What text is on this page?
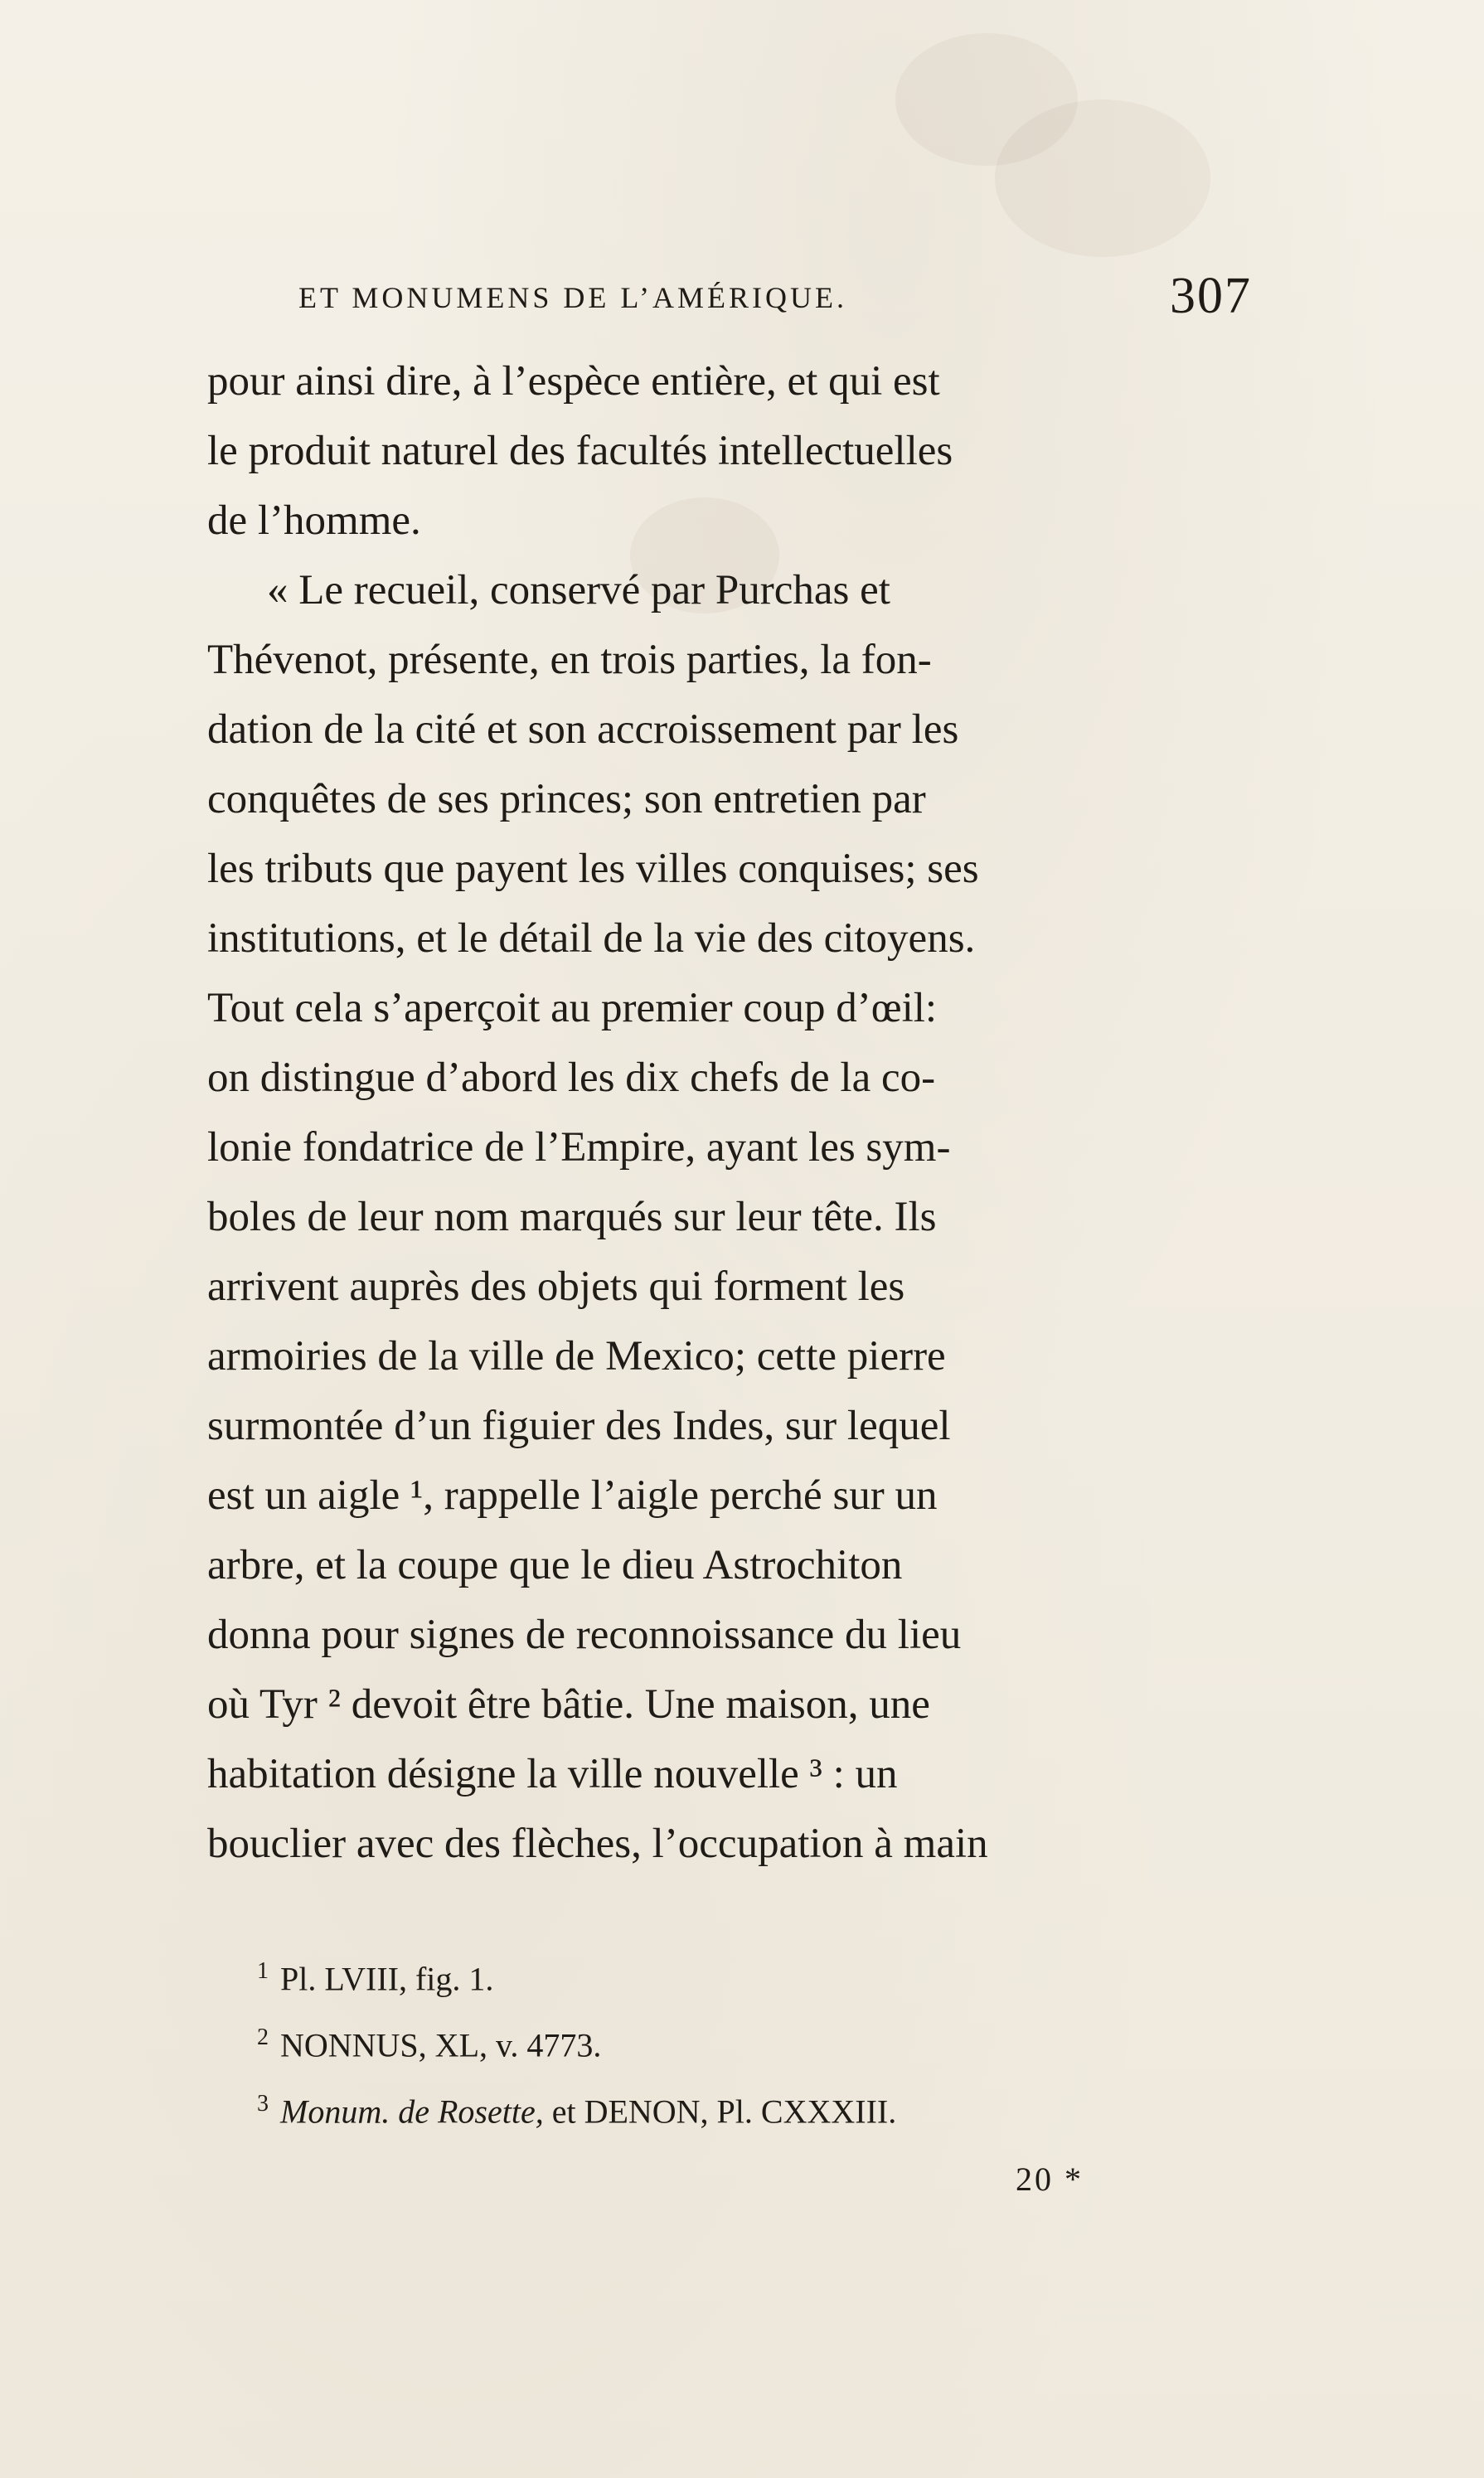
ET MONUMENS DE L’AMÉRIQUE.	307
pour ainsi dire, à l’espèce entière, et qui est
le produit naturel des facultés intellectuelles
de l’homme.
« Le recueil, conservé par Purchas et
Thévenot, présente, en trois parties, la fon-
dation de la cité et son accroissement par les
conquêtes de ses princes; son entretien par
les tributs que payent les villes conquises; ses
institutions, et le détail de la vie des citoyens.
Tout cela s’aperçoit au premier coup d’œil:
on distingue d’abord les dix chefs de la co-
lonie fondatrice de l’Empire, ayant les sym-
boles de leur nom marqués sur leur tête. Ils
arrivent auprès des objets qui forment les
armoiries de la ville de Mexico; cette pierre
surmontée d’un figuier des Indes, sur lequel
est un aigle ¹, rappelle l’aigle perché sur un
arbre, et la coupe que le dieu Astrochiton
donna pour signes de reconnoissance du lieu
où Tyr ² devoit être bâtie. Une maison, une
habitation désigne la ville nouvelle ³ : un
bouclier avec des flèches, l’occupation à main
$^1$ Pl. LVIII, fig. 1.
$^2$ NONNUS, XL, v. 4773.
$^3$ Monum. de Rosette, et DENON, Pl. CXXXIII.
20 *
